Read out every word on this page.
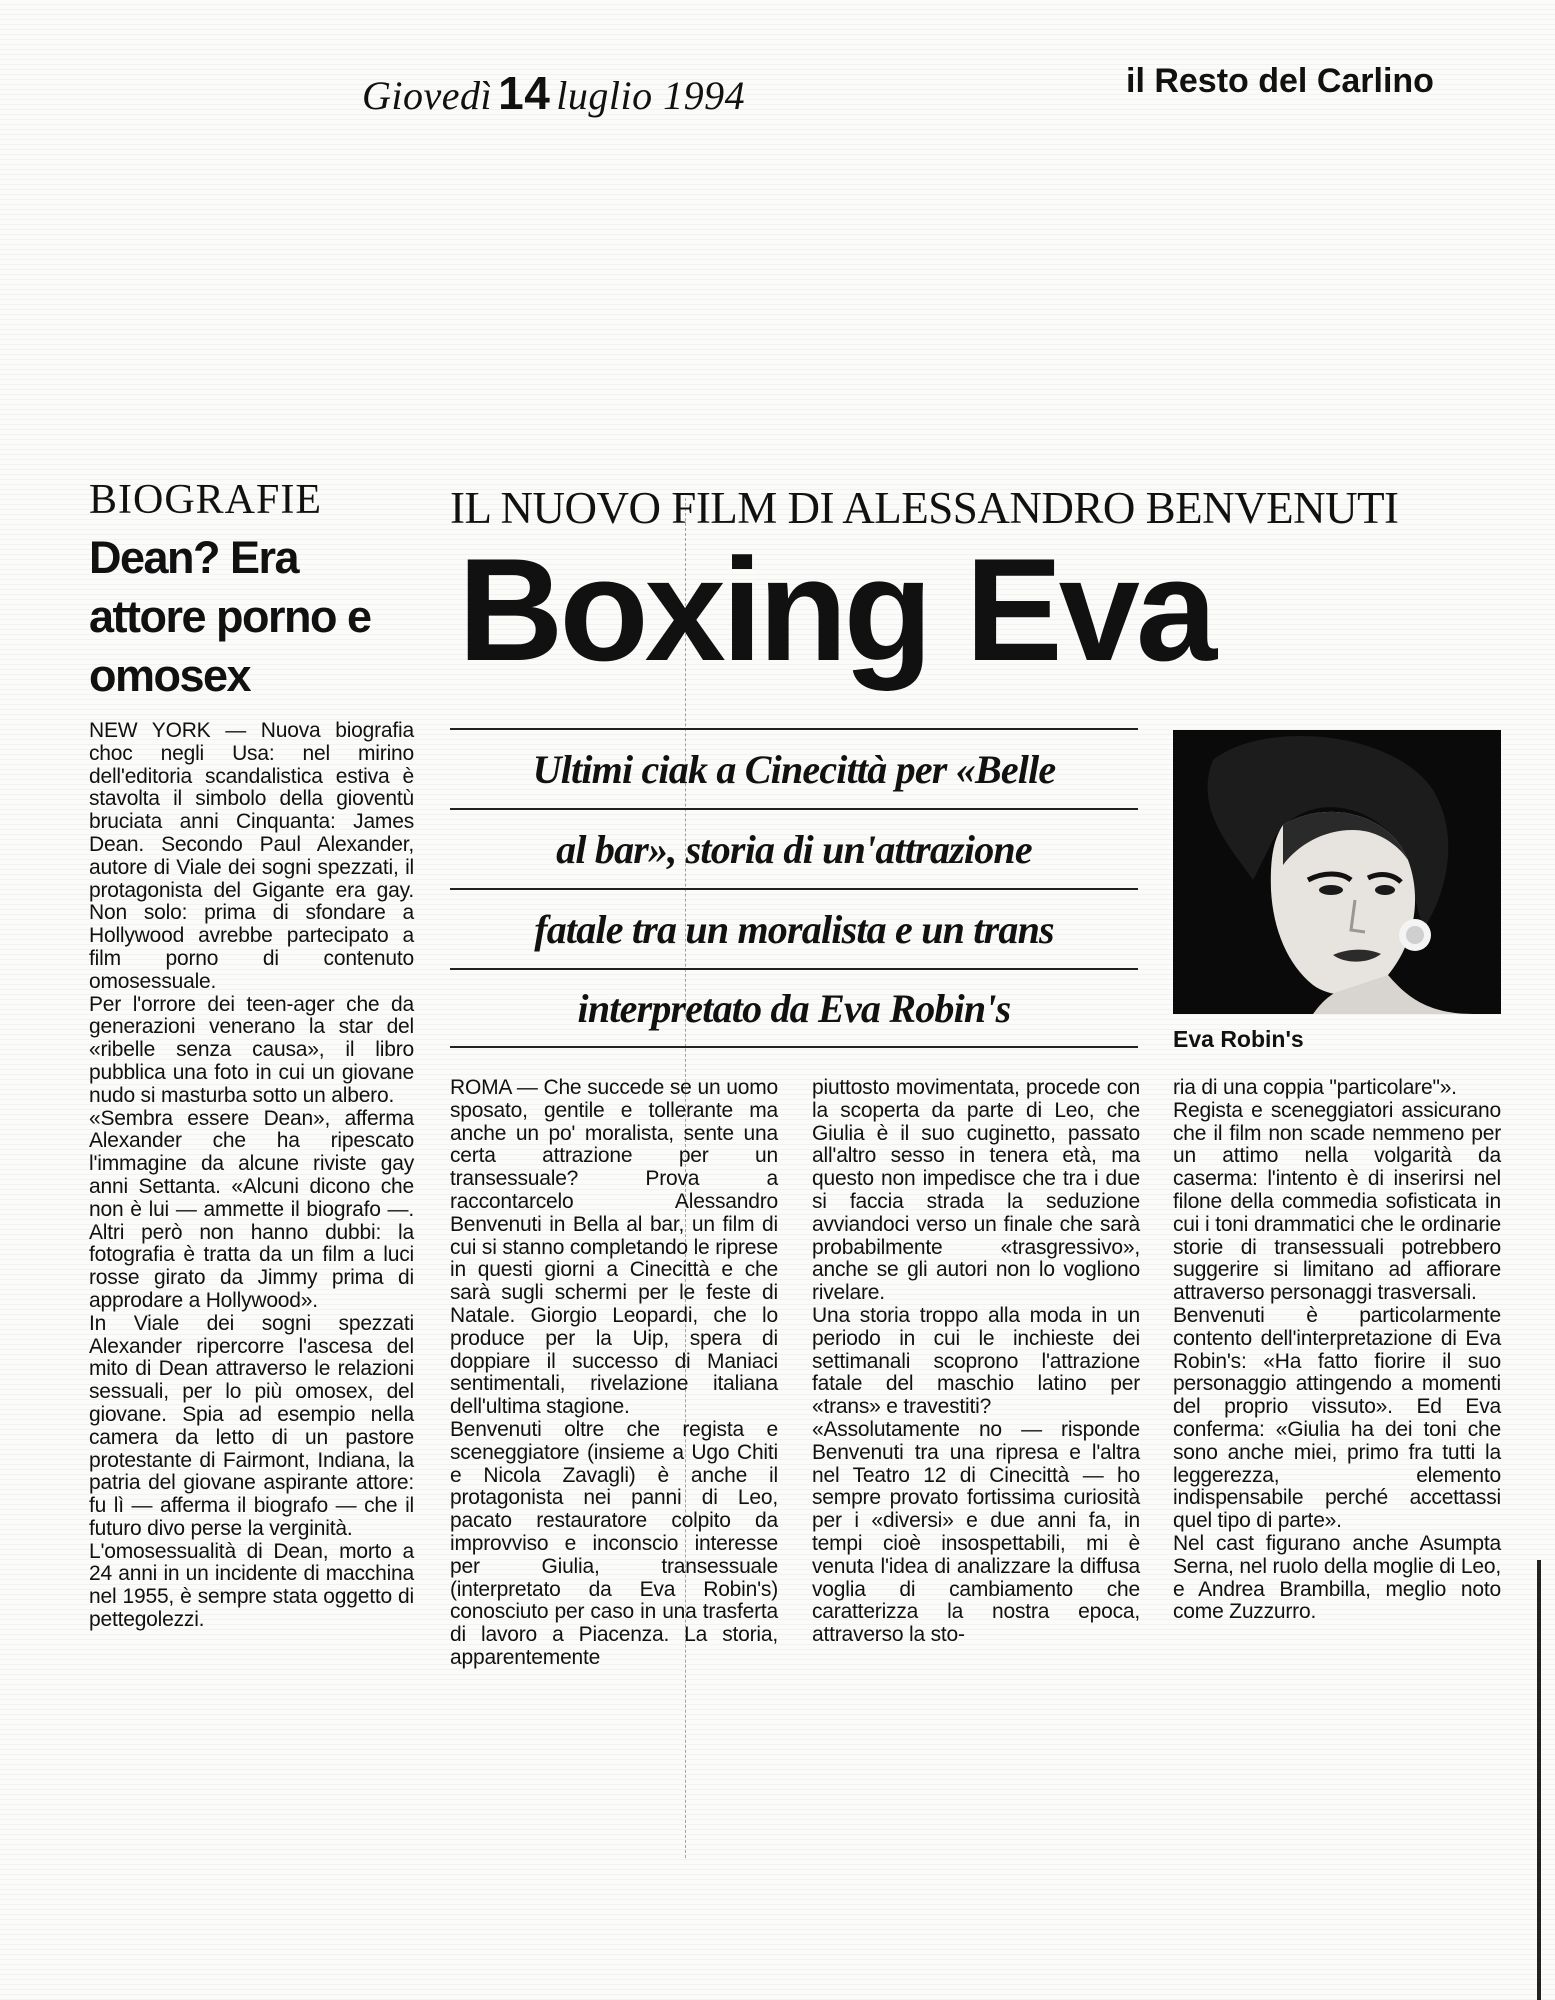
Giovedì 14 luglio 1994	il Resto del Carlino
BIOGRAFIE
Dean? Era attore porno e omosex

NEW YORK — Nuova biografia choc negli Usa: nel mirino dell'editoria scandalistica estiva è stavolta il simbolo della gioventù bruciata anni Cinquanta: James Dean. Secondo Paul Alexander, autore di Viale dei sogni spezzati, il protagonista del Gigante era gay. Non solo: prima di sfondare a Hollywood avrebbe partecipato a film porno di contenuto omosessuale.

Per l'orrore dei teen-ager che da generazioni venerano la star del «ribelle senza causa», il libro pubblica una foto in cui un giovane nudo si masturba sotto un albero.

«Sembra essere Dean», afferma Alexander che ha ripescato l'immagine da alcune riviste gay anni Settanta. «Alcuni dicono che non è lui — ammette il biografo —. Altri però non hanno dubbi: la fotografia è tratta da un film a luci rosse girato da Jimmy prima di approdare a Hollywood».

In Viale dei sogni spezzati Alexander ripercorre l'ascesa del mito di Dean attraverso le relazioni sessuali, per lo più omosex, del giovane. Spia ad esempio nella camera da letto di un pastore protestante di Fairmont, Indiana, la patria del giovane aspirante attore: fu lì — afferma il biografo — che il futuro divo perse la verginità.

L'omosessualità di Dean, morto a 24 anni in un incidente di macchina nel 1955, è sempre stata oggetto di pettegolezzi.

IL NUOVO FILM DI ALESSANDRO BENVENUTI
Boxing Eva
Ultimi ciak a Cinecittà per «Belle
al bar», storia di un'attrazione
fatale tra un moralista e un trans
interpretato da Eva Robin's
Eva Robin's

ROMA — Che succede se un uomo sposato, gentile e tollerante ma anche un po' moralista, sente una certa attrazione per un transessuale? Prova a raccontarcelo Alessandro Benvenuti in Bella al bar, un film di cui si stanno completando le riprese in questi giorni a Cinecittà e che sarà sugli schermi per le feste di Natale. Giorgio Leopardi, che lo produce per la Uip, spera di doppiare il successo di Maniaci sentimentali, rivelazione italiana dell'ultima stagione.

Benvenuti oltre che regista e sceneggiatore (insieme a Ugo Chiti e Nicola Zavagli) è anche il protagonista nei panni di Leo, pacato restauratore colpito da improvviso e inconscio interesse per Giulia, transessuale (interpretato da Eva Robin's) conosciuto per caso in una trasferta di lavoro a Piacenza. La storia, apparentemente

piuttosto movimentata, procede con la scoperta da parte di Leo, che Giulia è il suo cuginetto, passato all'altro sesso in tenera età, ma questo non impedisce che tra i due si faccia strada la seduzione avviandoci verso un finale che sarà probabilmente «trasgressivo», anche se gli autori non lo vogliono rivelare.

Una storia troppo alla moda in un periodo in cui le inchieste dei settimanali scoprono l'attrazione fatale del maschio latino per «trans» e travestiti?

«Assolutamente no — risponde Benvenuti tra una ripresa e l'altra nel Teatro 12 di Cinecittà — ho sempre provato fortissima curiosità per i «diversi» e due anni fa, in tempi cioè insospettabili, mi è venuta l'idea di analizzare la diffusa voglia di cambiamento che caratterizza la nostra epoca, attraverso la sto-

ria di una coppia "particolare"».

Regista e sceneggiatori assicurano che il film non scade nemmeno per un attimo nella volgarità da caserma: l'intento è di inserirsi nel filone della commedia sofisticata in cui i toni drammatici che le ordinarie storie di transessuali potrebbero suggerire si limitano ad affiorare attraverso personaggi trasversali.

Benvenuti è particolarmente contento dell'interpretazione di Eva Robin's: «Ha fatto fiorire il suo personaggio attingendo a momenti del proprio vissuto». Ed Eva conferma: «Giulia ha dei toni che sono anche miei, primo fra tutti la leggerezza, elemento indispensabile perché accettassi quel tipo di parte».

Nel cast figurano anche Asumpta Serna, nel ruolo della moglie di Leo, e Andrea Brambilla, meglio noto come Zuzzurro.
